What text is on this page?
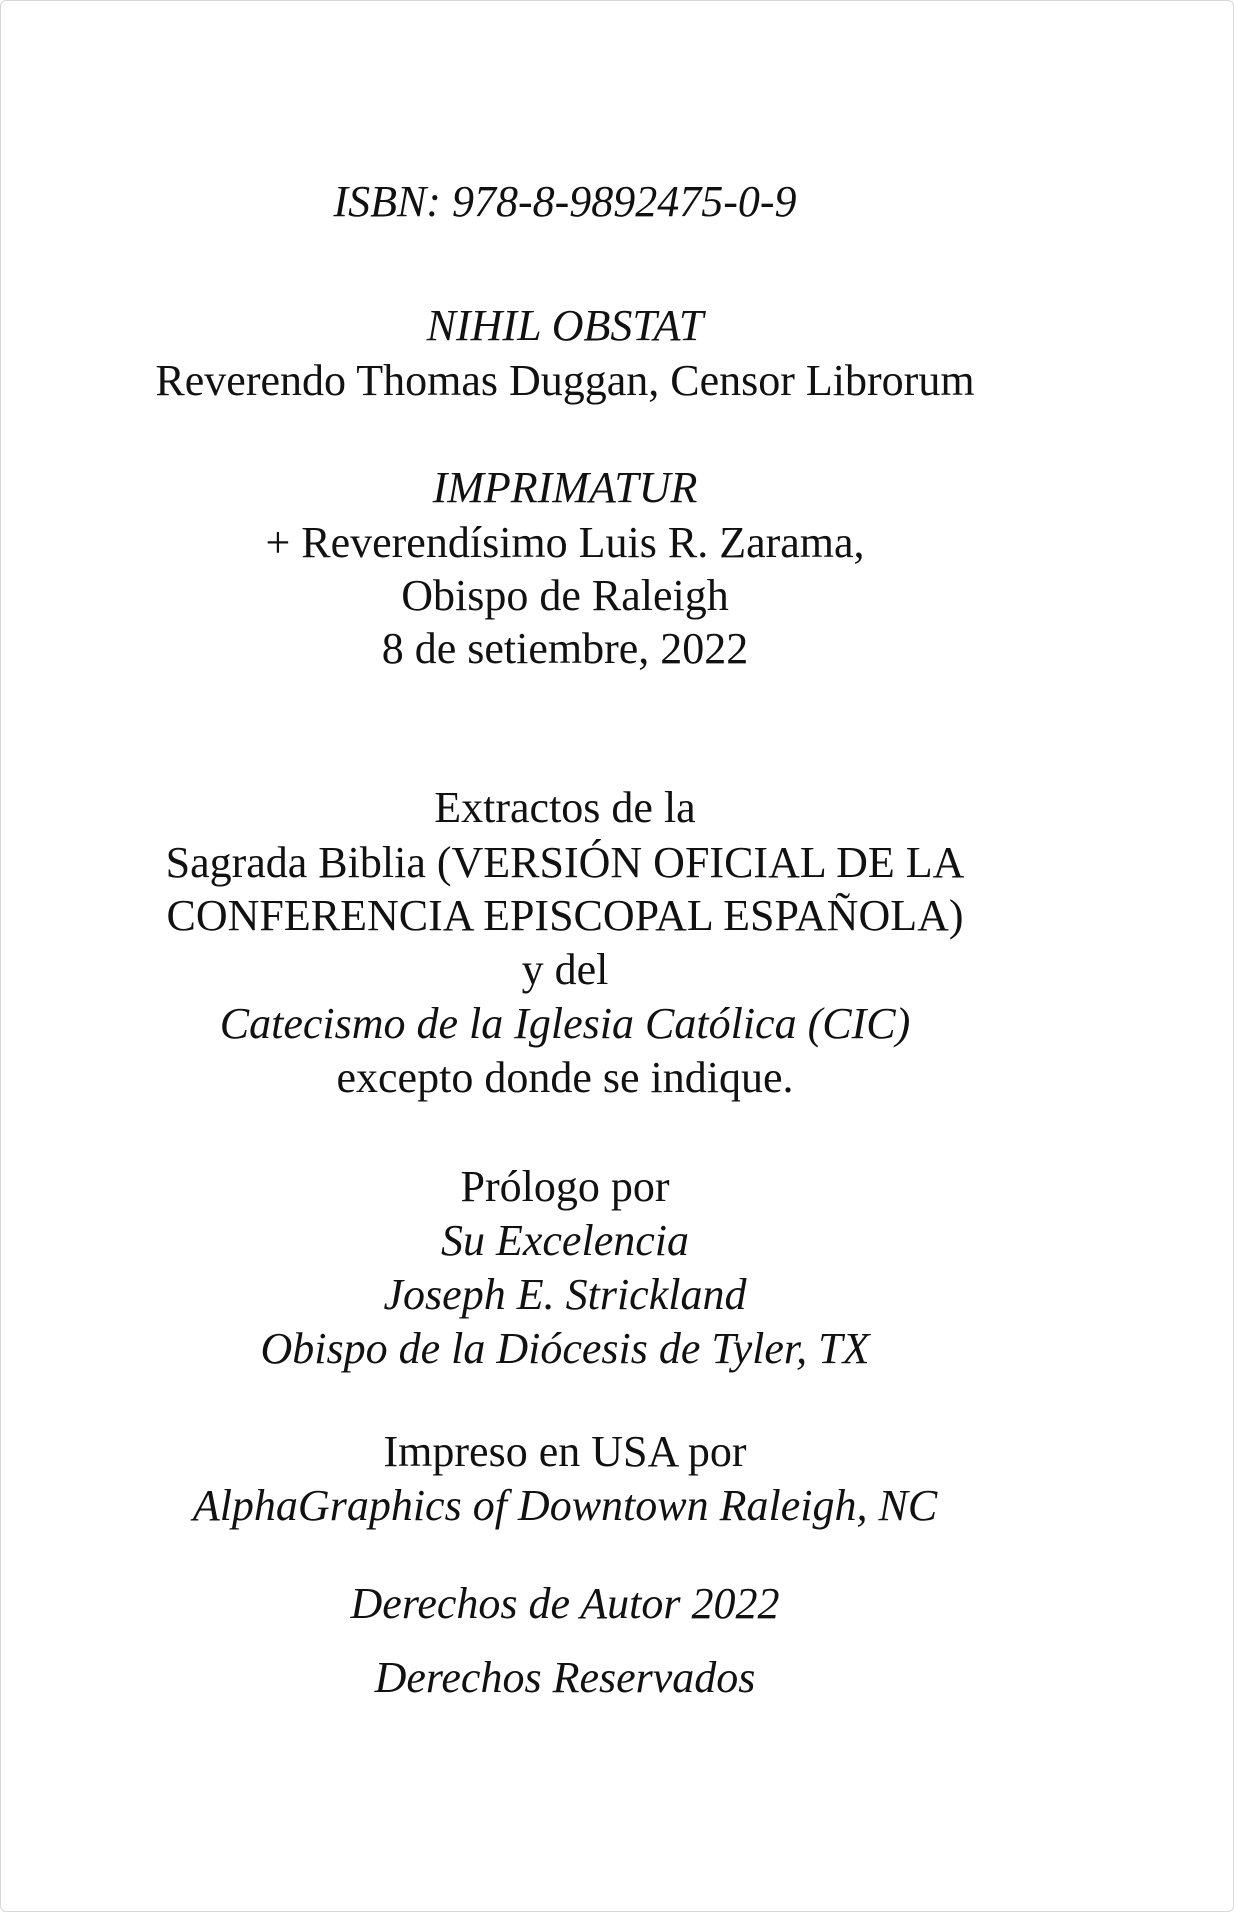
ISBN: 978-8-9892475-0-9
NIHIL OBSTAT
Reverendo Thomas Duggan, Censor Librorum
IMPRIMATUR
+ Reverendísimo Luis R. Zarama,
Obispo de Raleigh
8 de setiembre, 2022
Extractos de la
Sagrada Biblia (VERSIÓN OFICIAL DE LA
CONFERENCIA EPISCOPAL ESPAÑOLA)
y del
Catecismo de la Iglesia Católica (CIC)
excepto donde se indique.
Prólogo por
Su Excelencia
Joseph E. Strickland
Obispo de la Diócesis de Tyler, TX
Impreso en USA por
AlphaGraphics of Downtown Raleigh, NC
Derechos de Autor 2022
Derechos Reservados
